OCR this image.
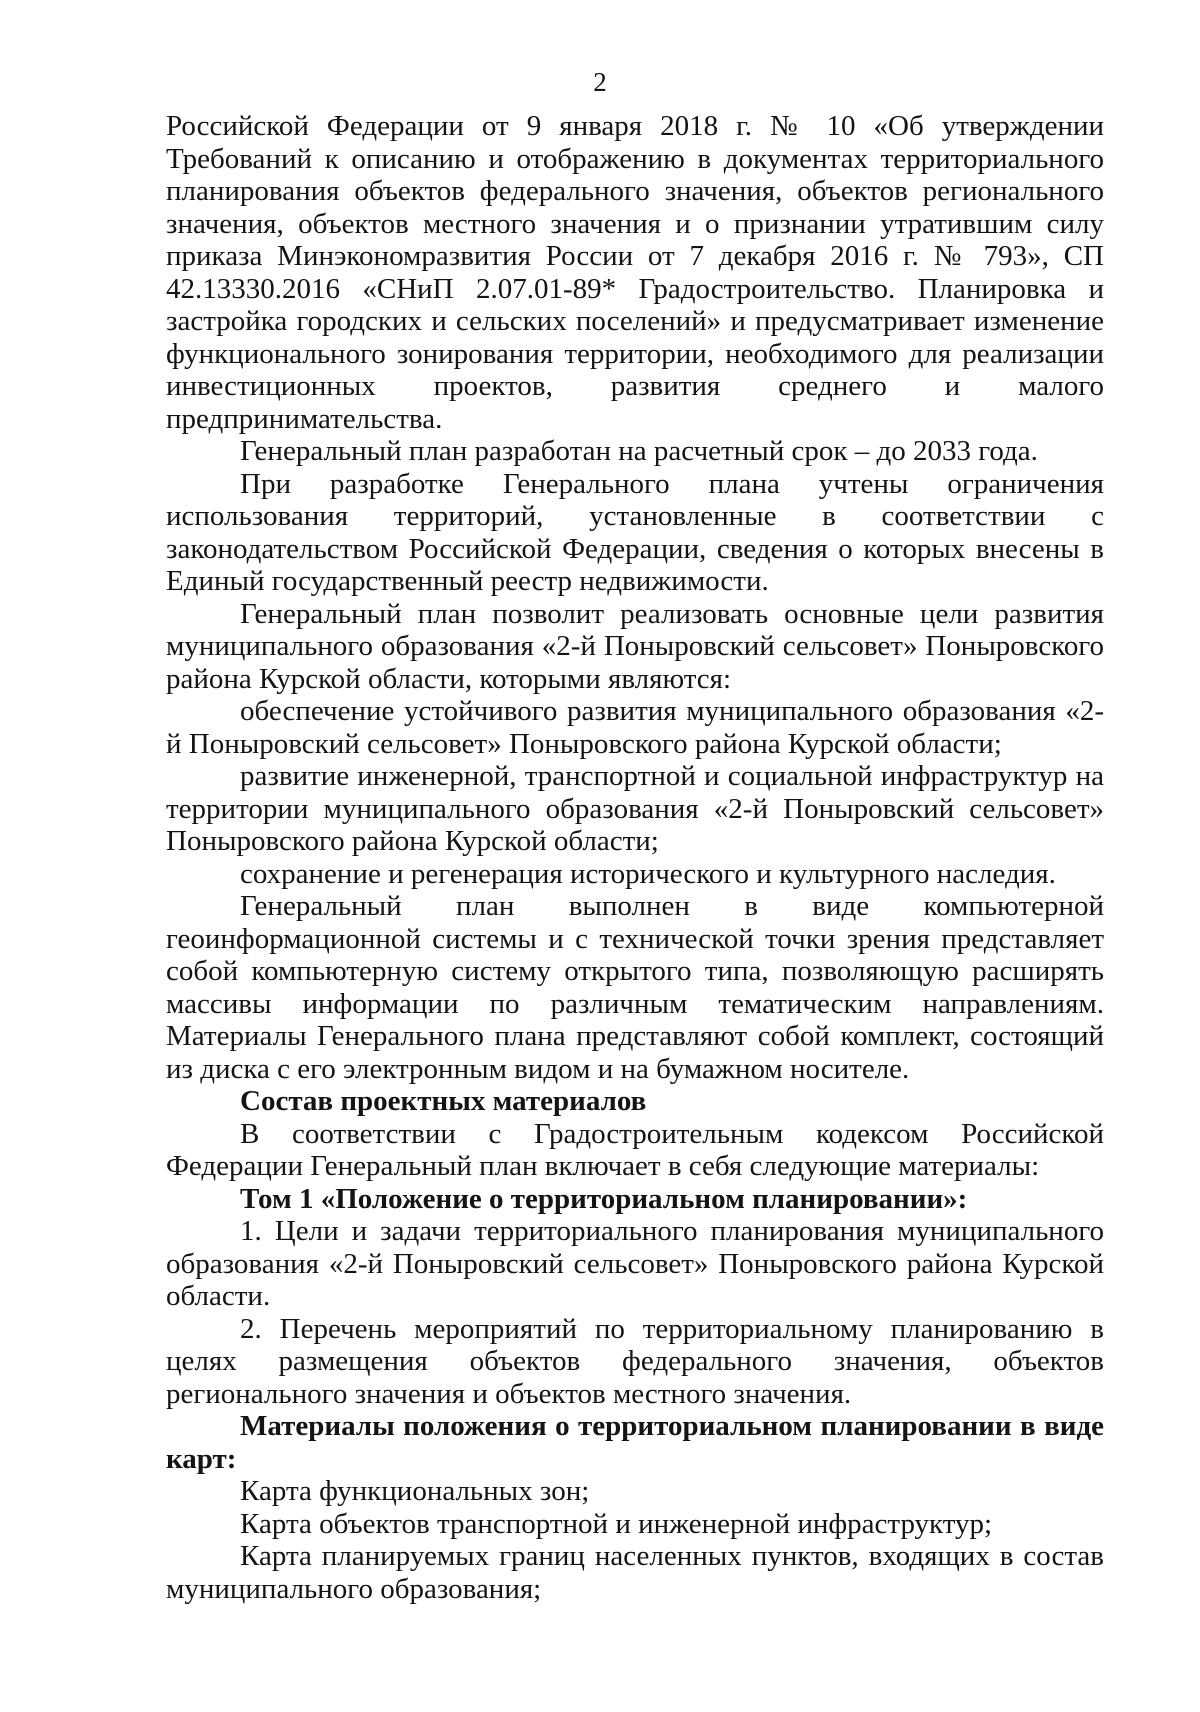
2

Российской Федерации от 9 января 2018 г. № 10 «Об утверждении Требований к описанию и отображению в документах территориального планирования объектов федерального значения, объектов регионального значения, объектов местного значения и о признании утратившим силу приказа Минэкономразвития России от 7 декабря 2016 г. № 793», СП 42.13330.2016 «СНиП 2.07.01-89* Градостроительство. Планировка и застройка городских и сельских поселений» и предусматривает изменение функционального зонирования территории, необходимого для реализации инвестиционных проектов, развития среднего и малого предпринимательства.

Генеральный план разработан на расчетный срок – до 2033 года.

При разработке Генерального плана учтены ограничения использования территорий, установленные в соответствии с законодательством Российской Федерации, сведения о которых внесены в Единый государственный реестр недвижимости.

Генеральный план позволит реализовать основные цели развития муниципального образования «2-й Поныровский сельсовет» Поныровского района Курской области, которыми являются:

обеспечение устойчивого развития муниципального образования «2-й Поныровский сельсовет» Поныровского района Курской области;

развитие инженерной, транспортной и социальной инфраструктур на территории муниципального образования «2-й Поныровский сельсовет» Поныровского района Курской области;

сохранение и регенерация исторического и культурного наследия.

Генеральный план выполнен в виде компьютерной геоинформационной системы и с технической точки зрения представляет собой компьютерную систему открытого типа, позволяющую расширять массивы информации по различным тематическим направлениям. Материалы Генерального плана представляют собой комплект, состоящий из диска с его электронным видом и на бумажном носителе.

Состав проектных материалов

В соответствии с Градостроительным кодексом Российской Федерации Генеральный план включает в себя следующие материалы:

Том 1 «Положение о территориальном планировании»:

1. Цели и задачи территориального планирования муниципального образования «2-й Поныровский сельсовет» Поныровского района Курской области.

2. Перечень мероприятий по территориальному планированию в целях размещения объектов федерального значения, объектов регионального значения и объектов местного значения.

Материалы положения о территориальном планировании в виде карт:

Карта функциональных зон;

Карта объектов транспортной и инженерной инфраструктур;

Карта планируемых границ населенных пунктов, входящих в состав муниципального образования;
